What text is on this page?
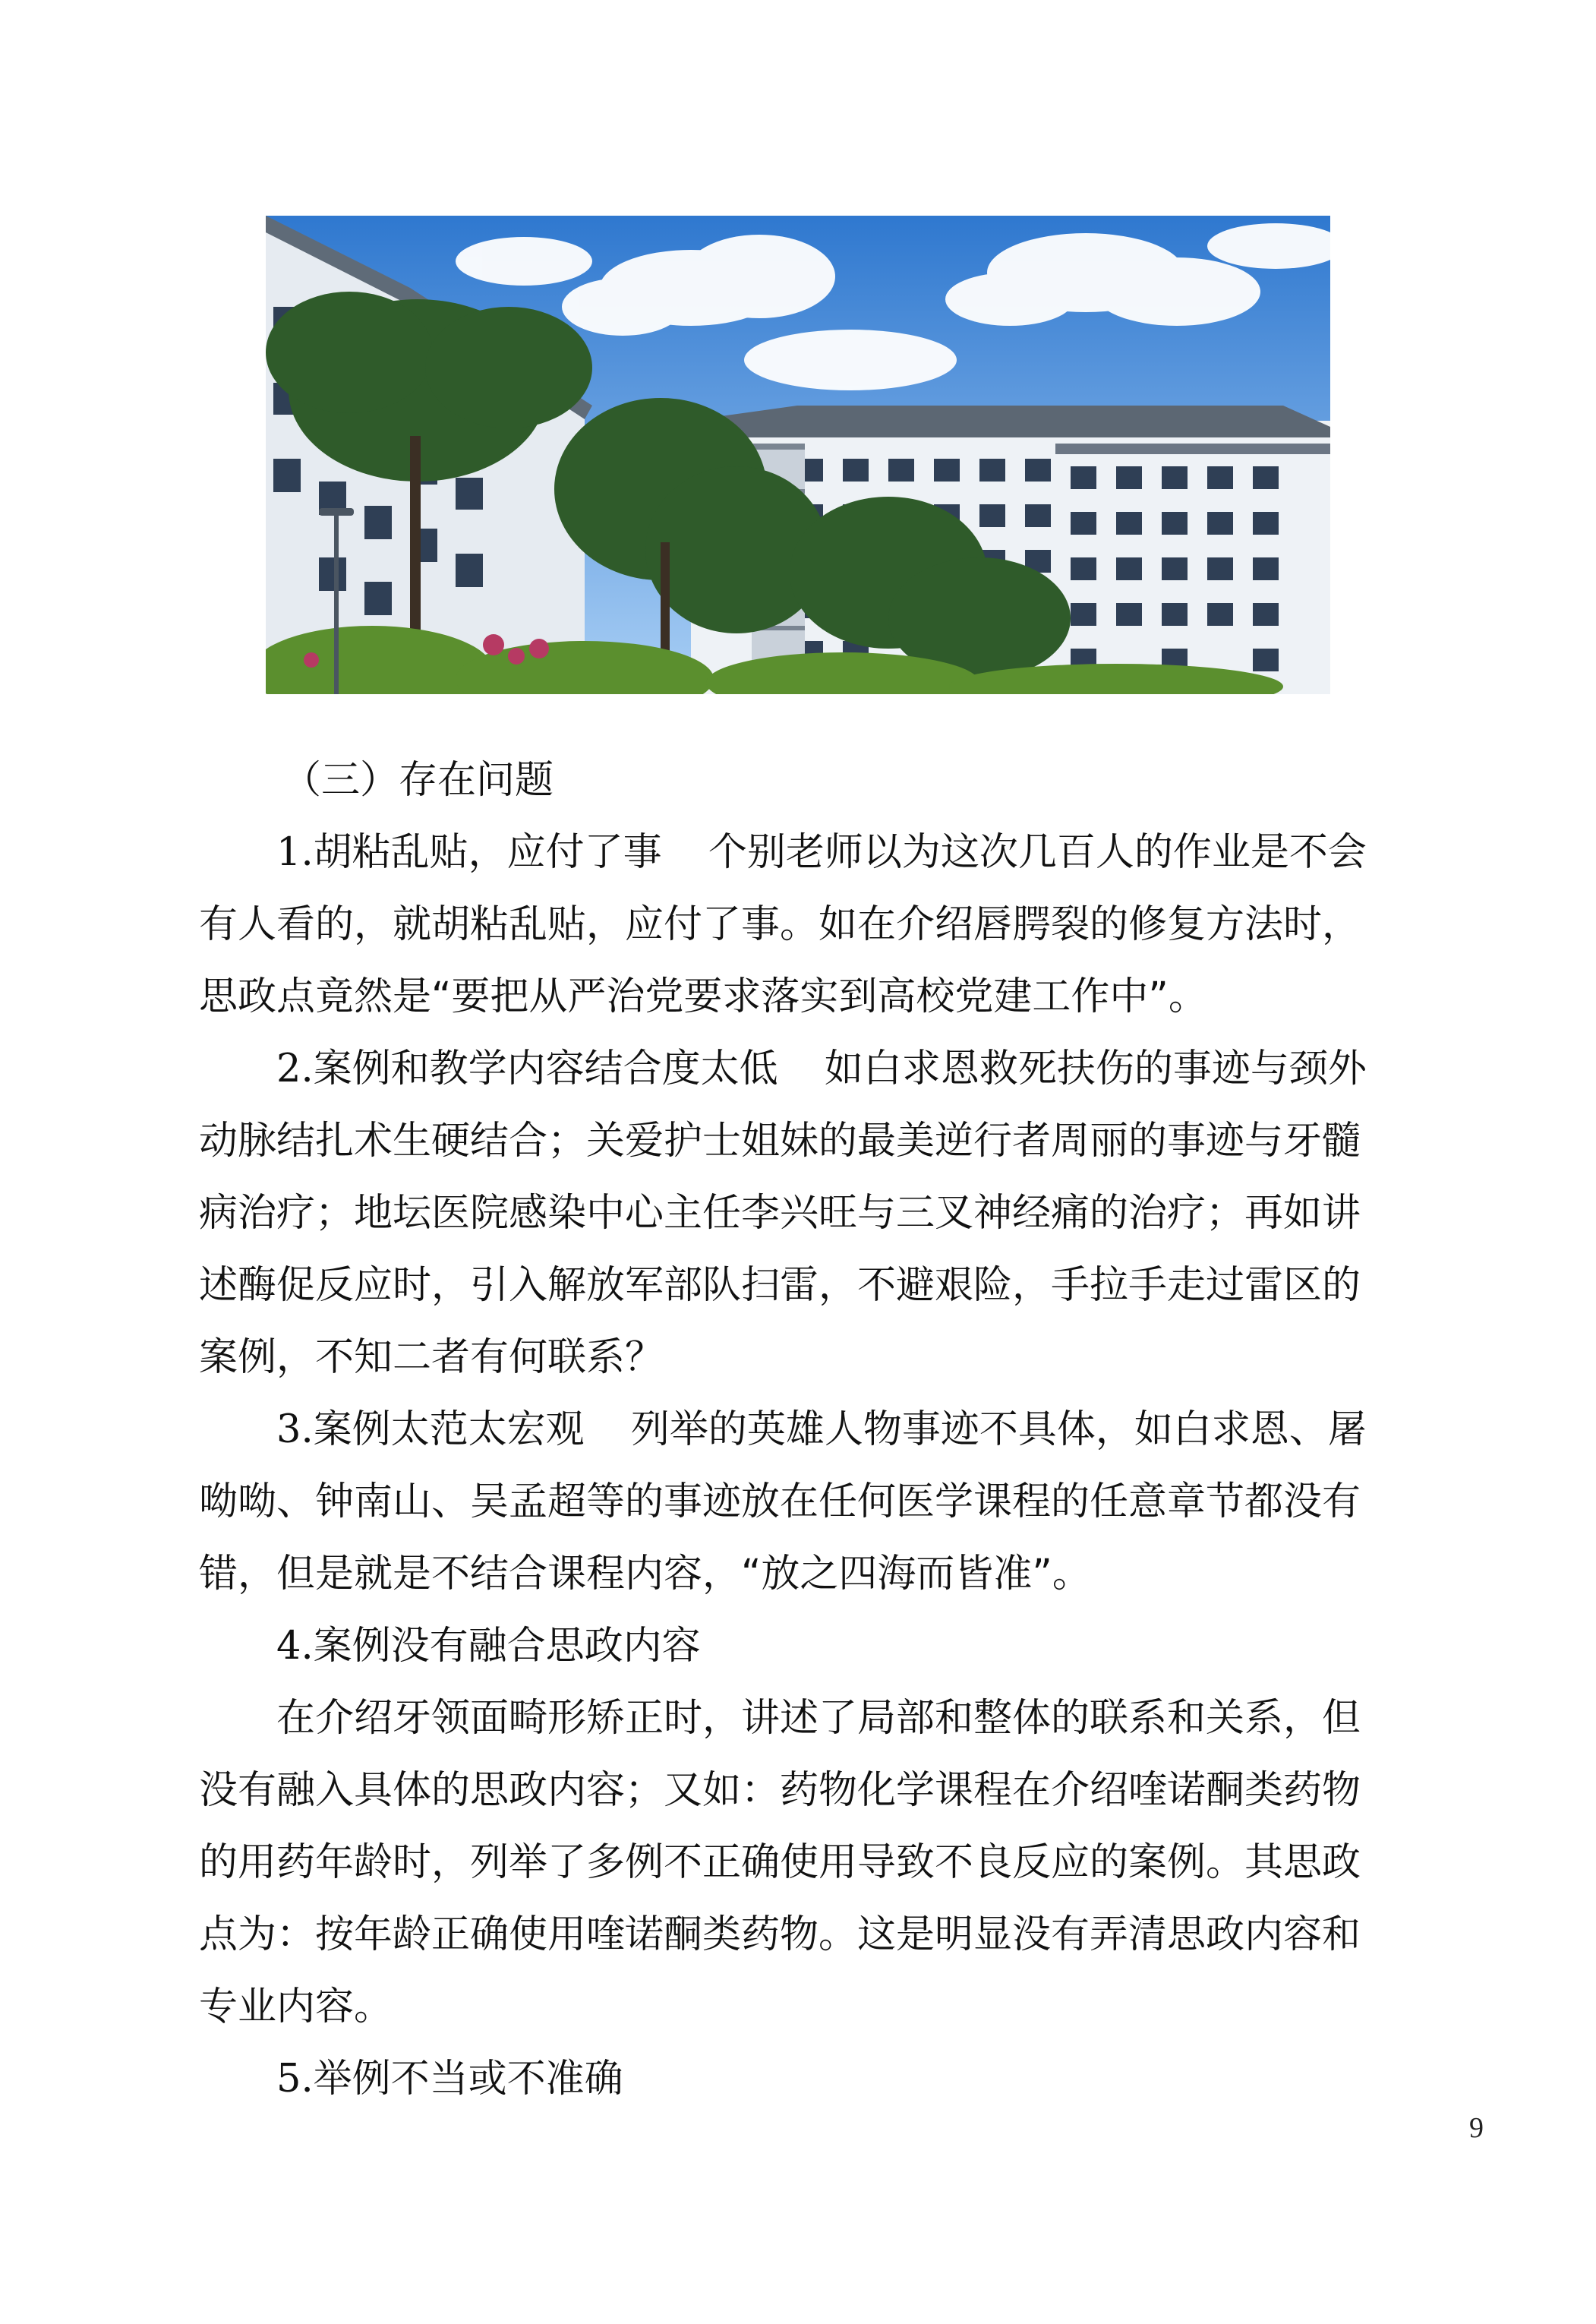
（三）存在问题

1.胡粘乱贴，应付了事 个别老师以为这次几百人的作业是不会有人看的，就胡粘乱贴，应付了事。如在介绍唇腭裂的修复方法时，思政点竟然是“要把从严治党要求落实到高校党建工作中”。

2.案例和教学内容结合度太低 如白求恩救死扶伤的事迹与颈外动脉结扎术生硬结合；关爱护士姐妹的最美逆行者周丽的事迹与牙髓病治疗；地坛医院感染中心主任李兴旺与三叉神经痛的治疗；再如讲述酶促反应时，引入解放军部队扫雷，不避艰险，手拉手走过雷区的案例，不知二者有何联系？

3.案例太范太宏观 列举的英雄人物事迹不具体，如白求恩、屠呦呦、钟南山、吴孟超等的事迹放在任何医学课程的任意章节都没有错，但是就是不结合课程内容，“放之四海而皆准”。

4.案例没有融合思政内容

在介绍牙领面畸形矫正时，讲述了局部和整体的联系和关系，但没有融入具体的思政内容；又如：药物化学课程在介绍喹诺酮类药物的用药年龄时，列举了多例不正确使用导致不良反应的案例。其思政点为：按年龄正确使用喹诺酮类药物。这是明显没有弄清思政内容和专业内容。

5.举例不当或不准确

9
